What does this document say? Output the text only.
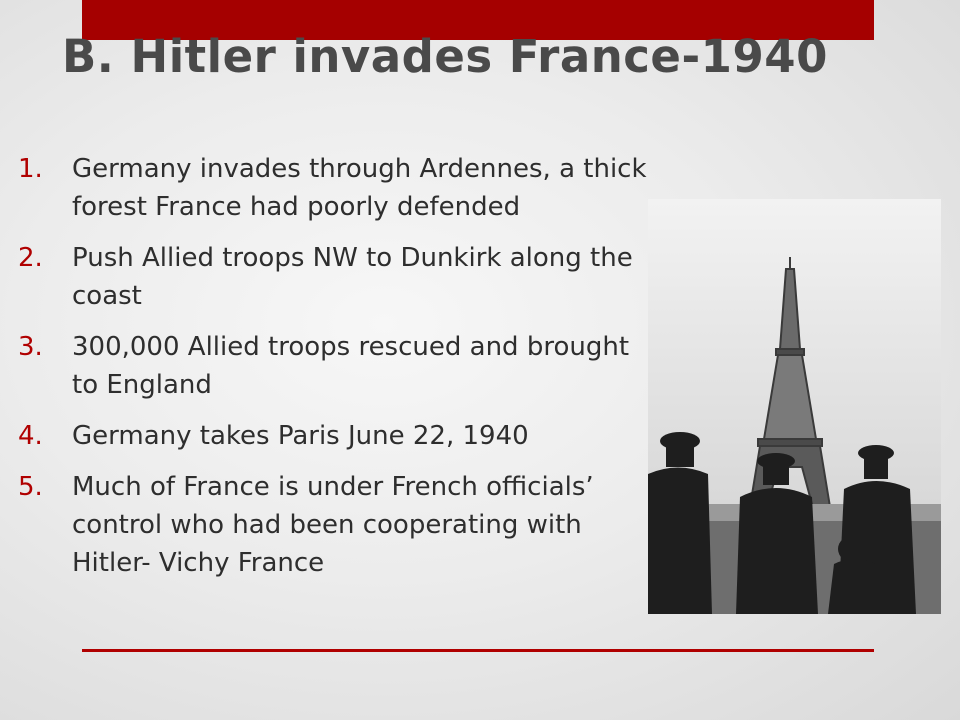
B. Hitler invades France-1940
1.	Germany invades through Ardennes, a thick forest France had poorly defended
2.	Push Allied troops NW to Dunkirk along the coast
3.	300,000 Allied troops rescued and brought to England
4.	Germany takes Paris June 22, 1940
5.	Much of France is under French officials’ control who had been cooperating with Hitler- Vichy France
